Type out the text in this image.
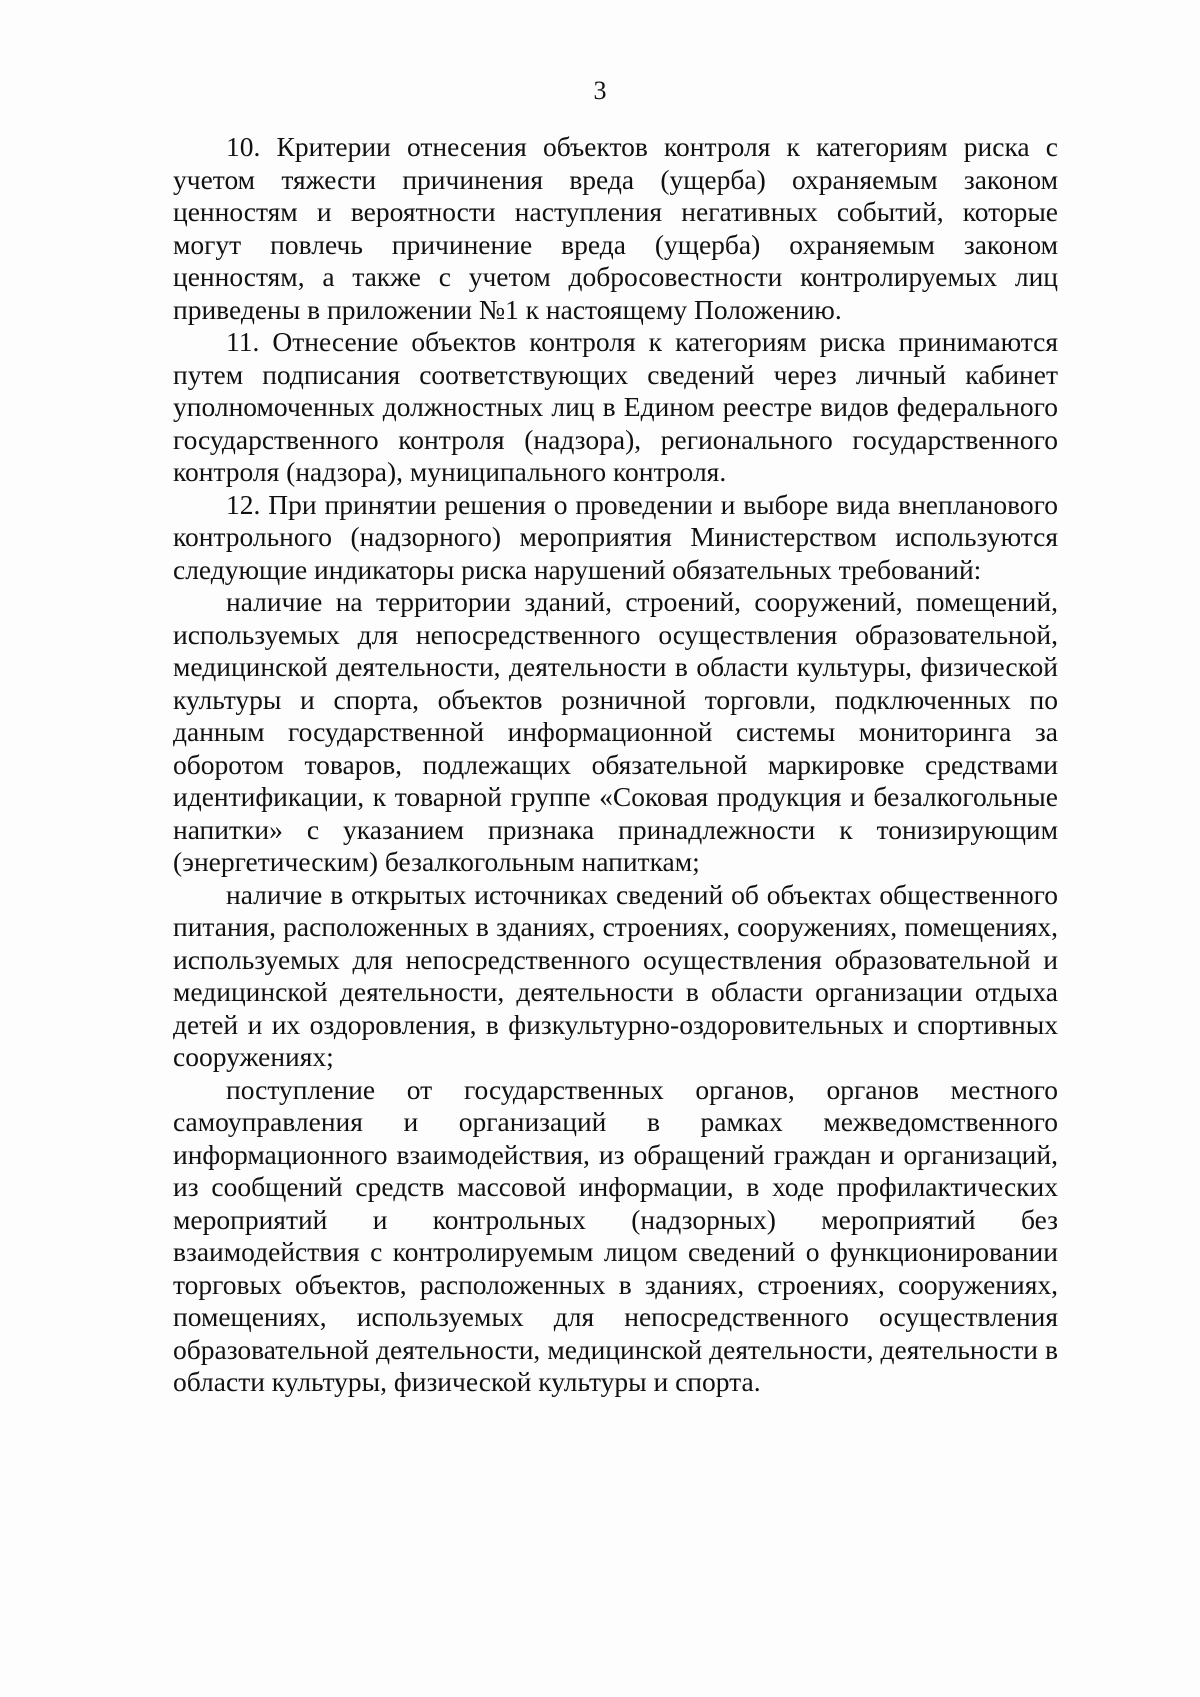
3

10. Критерии отнесения объектов контроля к категориям риска с учетом тяжести причинения вреда (ущерба) охраняемым законом ценностям и вероятности наступления негативных событий, которые могут повлечь причинение вреда (ущерба) охраняемым законом ценностям, а также с учетом добросовестности контролируемых лиц приведены в приложении №1 к настоящему Положению.

11. Отнесение объектов контроля к категориям риска принимаются путем подписания соответствующих сведений через личный кабинет уполномоченных должностных лиц в Едином реестре видов федерального государственного контроля (надзора), регионального государственного контроля (надзора), муниципального контроля.

12. При принятии решения о проведении и выборе вида внепланового контрольного (надзорного) мероприятия Министерством используются следующие индикаторы риска нарушений обязательных требований:

наличие на территории зданий, строений, сооружений, помещений, используемых для непосредственного осуществления образовательной, медицинской деятельности, деятельности в области культуры, физической культуры и спорта, объектов розничной торговли, подключенных по данным государственной информационной системы мониторинга за оборотом товаров, подлежащих обязательной маркировке средствами идентификации, к товарной группе «Соковая продукция и безалкогольные напитки» с указанием признака принадлежности к тонизирующим (энергетическим) безалкогольным напиткам;

наличие в открытых источниках сведений об объектах общественного питания, расположенных в зданиях, строениях, сооружениях, помещениях, используемых для непосредственного осуществления образовательной и медицинской деятельности, деятельности в области организации отдыха детей и их оздоровления, в физкультурно-оздоровительных и спортивных сооружениях;

поступление от государственных органов, органов местного самоуправления и организаций в рамках межведомственного информационного взаимодействия, из обращений граждан и организаций, из сообщений средств массовой информации, в ходе профилактических мероприятий и контрольных (надзорных) мероприятий без взаимодействия с контролируемым лицом сведений о функционировании торговых объектов, расположенных в зданиях, строениях, сооружениях, помещениях, используемых для непосредственного осуществления образовательной деятельности, медицинской деятельности, деятельности в области культуры, физической культуры и спорта.
